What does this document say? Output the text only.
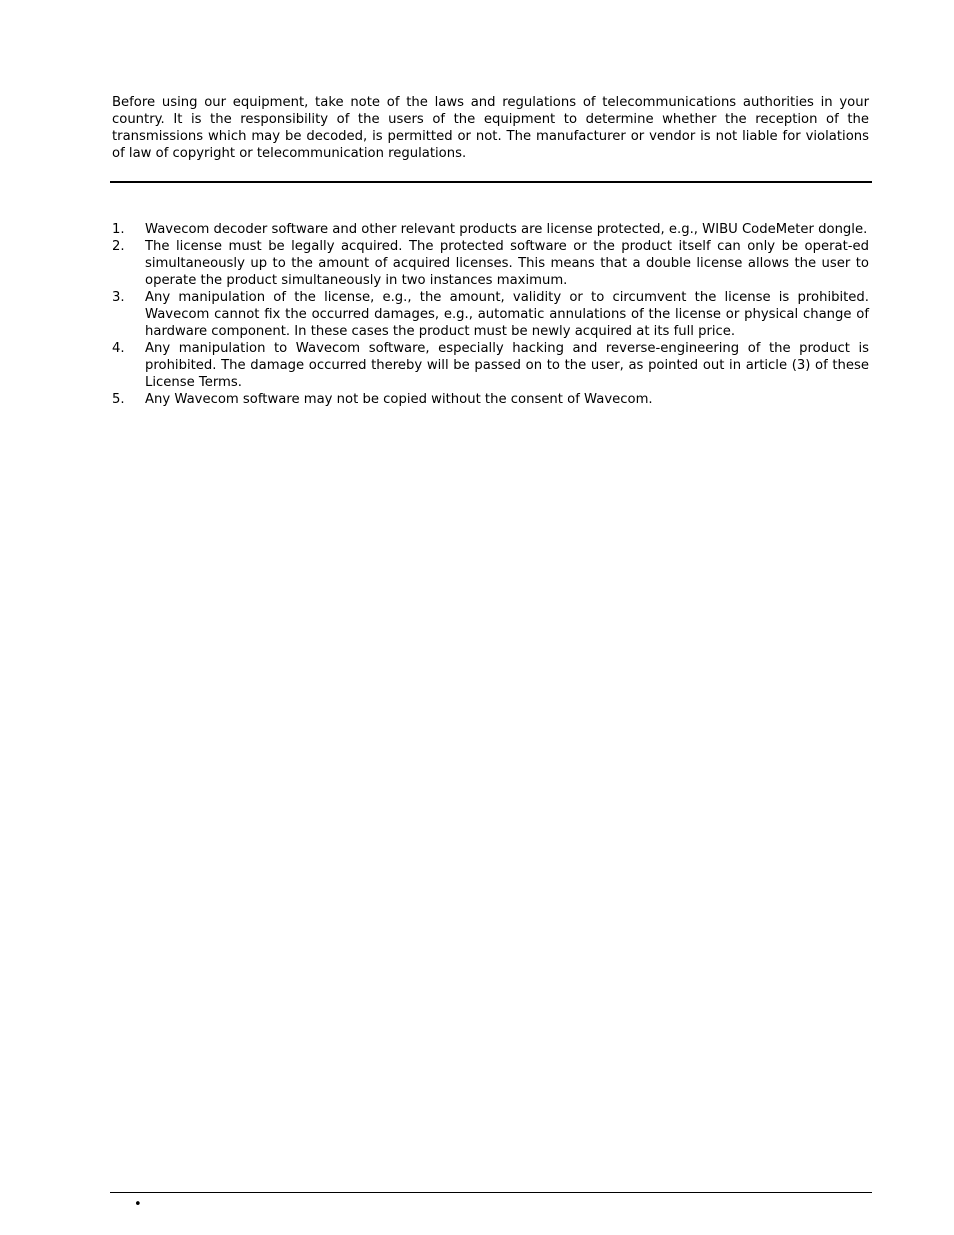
Before using our equipment, take note of the laws and regulations of telecommunications authorities in your country. It is the responsibility of the users of the equipment to determine whether the reception of the transmissions which may be decoded, is permitted or not. The manufacturer or vendor is not liable for violations of law of copyright or telecommunication regulations.

1.	Wavecom decoder software and other relevant products are license protected, e.g., WIBU CodeMeter dongle.
2.	The license must be legally acquired. The protected software or the product itself can only be operat-ed simultaneously up to the amount of acquired licenses. This means that a double license allows the user to operate the product simultaneously in two instances maximum.
3.	Any manipulation of the license, e.g., the amount, validity or to circumvent the license is prohibited. Wavecom cannot fix the occurred damages, e.g., automatic annulations of the license or physical change of hardware component. In these cases the product must be newly acquired at its full price.
4.	Any manipulation to Wavecom software, especially hacking and reverse-engineering of the product is prohibited. The damage occurred thereby will be passed on to the user, as pointed out in article (3) of these License Terms.
5.	Any Wavecom software may not be copied without the consent of Wavecom.
•
